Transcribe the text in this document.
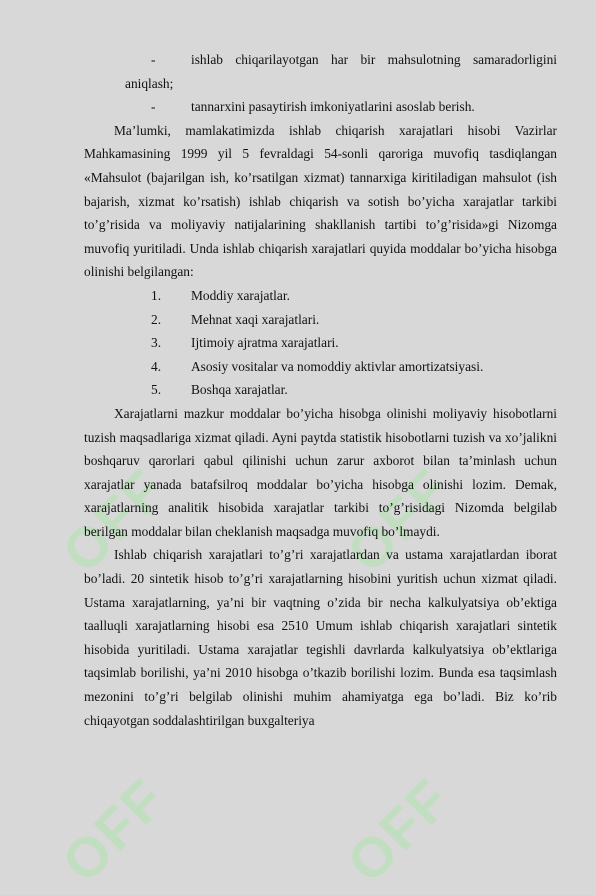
OFF	OFF
OFF	OFF
-	ishlab chiqarilayotgan har bir mahsulotning samaradorligini
aniqlash;
-	tannarxini pasaytirish imkoniyatlarini asoslab berish.

Ma’lumki, mamlakatimizda ishlab chiqarish xarajatlari hisobi Vazirlar Mahkamasining 1999 yil 5 fevraldagi 54-sonli qaroriga muvofiq tasdiqlangan «Mahsulot (bajarilgan ish, ko’rsatilgan xizmat) tannarxiga kiritiladigan mahsulot (ish bajarish, xizmat ko’rsatish) ishlab chiqarish va sotish bo’yicha xarajatlar tarkibi to’g’risida va moliyaviy natijalarining shakllanish tartibi to’g’risida»gi Nizomga muvofiq yuritiladi. Unda ishlab chiqarish xarajatlari quyida moddalar bo’yicha hisobga olinishi belgilangan:

1. Moddiy xarajatlar.
2. Mehnat xaqi xarajatlari.
3. Ijtimoiy ajratma xarajatlari.
4. Asosiy vositalar va nomoddiy aktivlar amortizatsiyasi.
5. Boshqa xarajatlar.

Xarajatlarni mazkur moddalar bo’yicha hisobga olinishi moliyaviy hisobotlarni tuzish maqsadlariga xizmat qiladi. Ayni paytda statistik hisobotlarni tuzish va xo’jalikni boshqaruv qarorlari qabul qilinishi uchun zarur axborot bilan ta’minlash uchun xarajatlar yanada batafsilroq moddalar bo’yicha hisobga olinishi lozim. Demak, xarajatlarning analitik hisobida xarajatlar tarkibi to’g’risidagi Nizomda belgilab berilgan moddalar bilan cheklanish maqsadga muvofiq bo’lmaydi.

Ishlab chiqarish xarajatlari to’g’ri xarajatlardan va ustama xarajatlardan iborat bo’ladi. 20 sintetik hisob to’g’ri xarajatlarning hisobini yuritish uchun xizmat qiladi. Ustama xarajatlarning, ya’ni bir vaqtning o’zida bir necha kalkulyatsiya ob’ektiga taalluqli xarajatlarning hisobi esa 2510 Umum ishlab chiqarish xarajatlari sintetik hisobida yuritiladi. Ustama xarajatlar tegishli davrlarda kalkulyatsiya ob’ektlariga taqsimlab borilishi, ya’ni 2010 hisobga o’tkazib borilishi lozim. Bunda esa taqsimlash mezonini to’g’ri belgilab olinishi muhim ahamiyatga ega bo’ladi. Biz ko’rib chiqayotgan soddalashtirilgan buxgalteriya
